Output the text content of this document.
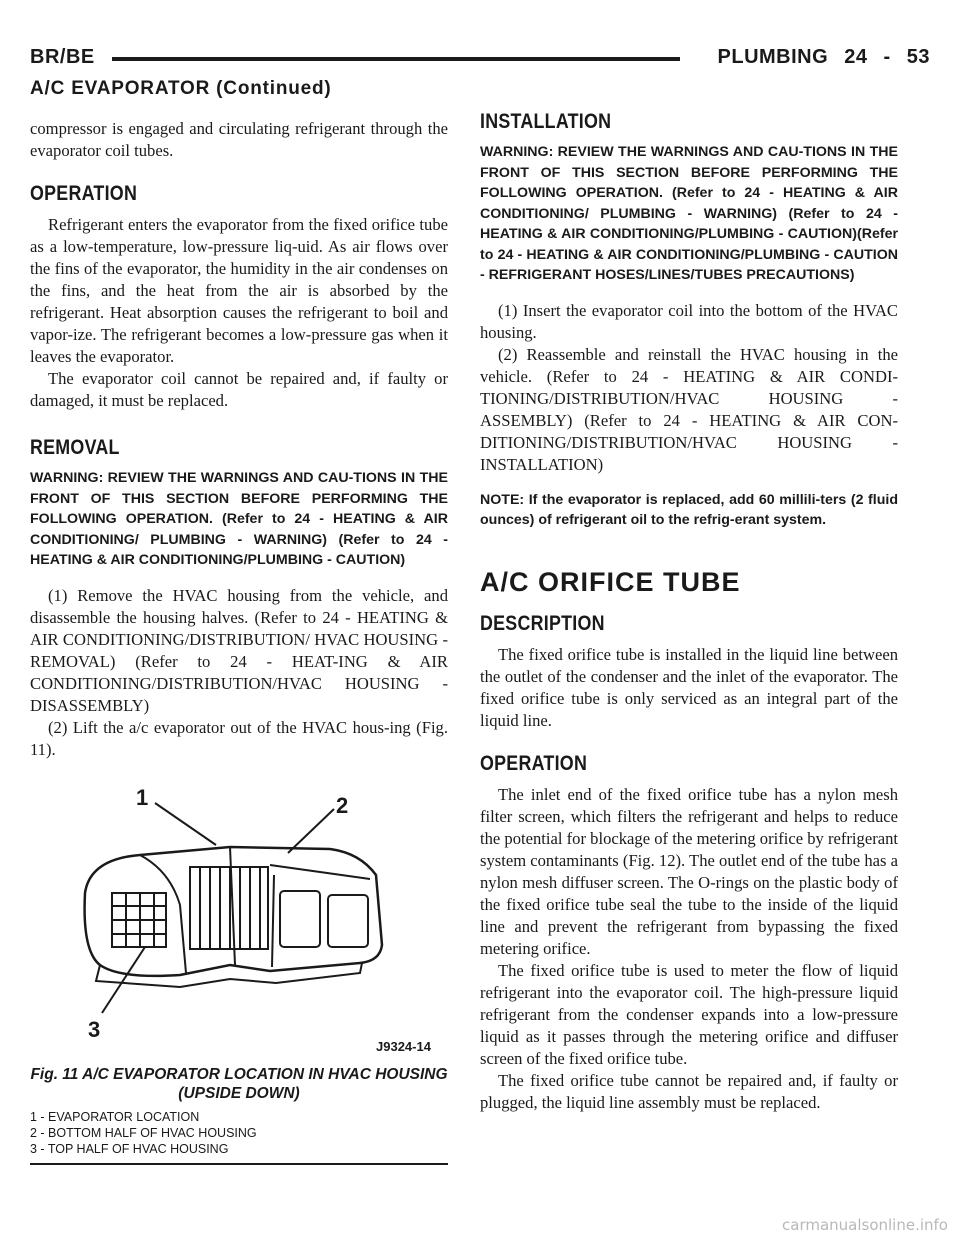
BR/BE	PLUMBING 24 - 53
A/C EVAPORATOR (Continued)

compressor is engaged and circulating refrigerant through the evaporator coil tubes.

OPERATION

Refrigerant enters the evaporator from the fixed orifice tube as a low-temperature, low-pressure liq-uid. As air flows over the fins of the evaporator, the humidity in the air condenses on the fins, and the heat from the air is absorbed by the refrigerant. Heat absorption causes the refrigerant to boil and vapor-ize. The refrigerant becomes a low-pressure gas when it leaves the evaporator.

The evaporator coil cannot be repaired and, if faulty or damaged, it must be replaced.

REMOVAL

WARNING: REVIEW THE WARNINGS AND CAU-TIONS IN THE FRONT OF THIS SECTION BEFORE PERFORMING THE FOLLOWING OPERATION. (Refer to 24 - HEATING & AIR CONDITIONING/ PLUMBING - WARNING) (Refer to 24 - HEATING & AIR CONDITIONING/PLUMBING - CAUTION)

(1) Remove the HVAC housing from the vehicle, and disassemble the housing halves. (Refer to 24 - HEATING & AIR CONDITIONING/DISTRIBUTION/ HVAC HOUSING - REMOVAL) (Refer to 24 - HEAT-ING & AIR CONDITIONING/DISTRIBUTION/HVAC HOUSING - DISASSEMBLY)

(2) Lift the a/c evaporator out of the HVAC hous-ing (Fig. 11).

1	2
3
J9324-14

Fig. 11 A/C EVAPORATOR LOCATION IN HVAC HOUSING (UPSIDE DOWN)

1 - EVAPORATOR LOCATION
2 - BOTTOM HALF OF HVAC HOUSING
3 - TOP HALF OF HVAC HOUSING
INSTALLATION

WARNING: REVIEW THE WARNINGS AND CAU-TIONS IN THE FRONT OF THIS SECTION BEFORE PERFORMING THE FOLLOWING OPERATION. (Refer to 24 - HEATING & AIR CONDITIONING/ PLUMBING - WARNING) (Refer to 24 - HEATING & AIR CONDITIONING/PLUMBING - CAUTION)(Refer to 24 - HEATING & AIR CONDITIONING/PLUMBING - CAUTION - REFRIGERANT HOSES/LINES/TUBES PRECAUTIONS)

(1) Insert the evaporator coil into the bottom of the HVAC housing.

(2) Reassemble and reinstall the HVAC housing in the vehicle. (Refer to 24 - HEATING & AIR CONDI-TIONING/DISTRIBUTION/HVAC HOUSING - ASSEMBLY) (Refer to 24 - HEATING & AIR CON-DITIONING/DISTRIBUTION/HVAC HOUSING - INSTALLATION)

NOTE: If the evaporator is replaced, add 60 millili-ters (2 fluid ounces) of refrigerant oil to the refrig-erant system.

A/C ORIFICE TUBE
DESCRIPTION

The fixed orifice tube is installed in the liquid line between the outlet of the condenser and the inlet of the evaporator. The fixed orifice tube is only serviced as an integral part of the liquid line.

OPERATION

The inlet end of the fixed orifice tube has a nylon mesh filter screen, which filters the refrigerant and helps to reduce the potential for blockage of the metering orifice by refrigerant system contaminants (Fig. 12). The outlet end of the tube has a nylon mesh diffuser screen. The O-rings on the plastic body of the fixed orifice tube seal the tube to the inside of the liquid line and prevent the refrigerant from bypassing the fixed metering orifice.

The fixed orifice tube is used to meter the flow of liquid refrigerant into the evaporator coil. The high-pressure liquid refrigerant from the condenser expands into a low-pressure liquid as it passes through the metering orifice and diffuser screen of the fixed orifice tube.

The fixed orifice tube cannot be repaired and, if faulty or plugged, the liquid line assembly must be replaced.

carmanualsonline.info
